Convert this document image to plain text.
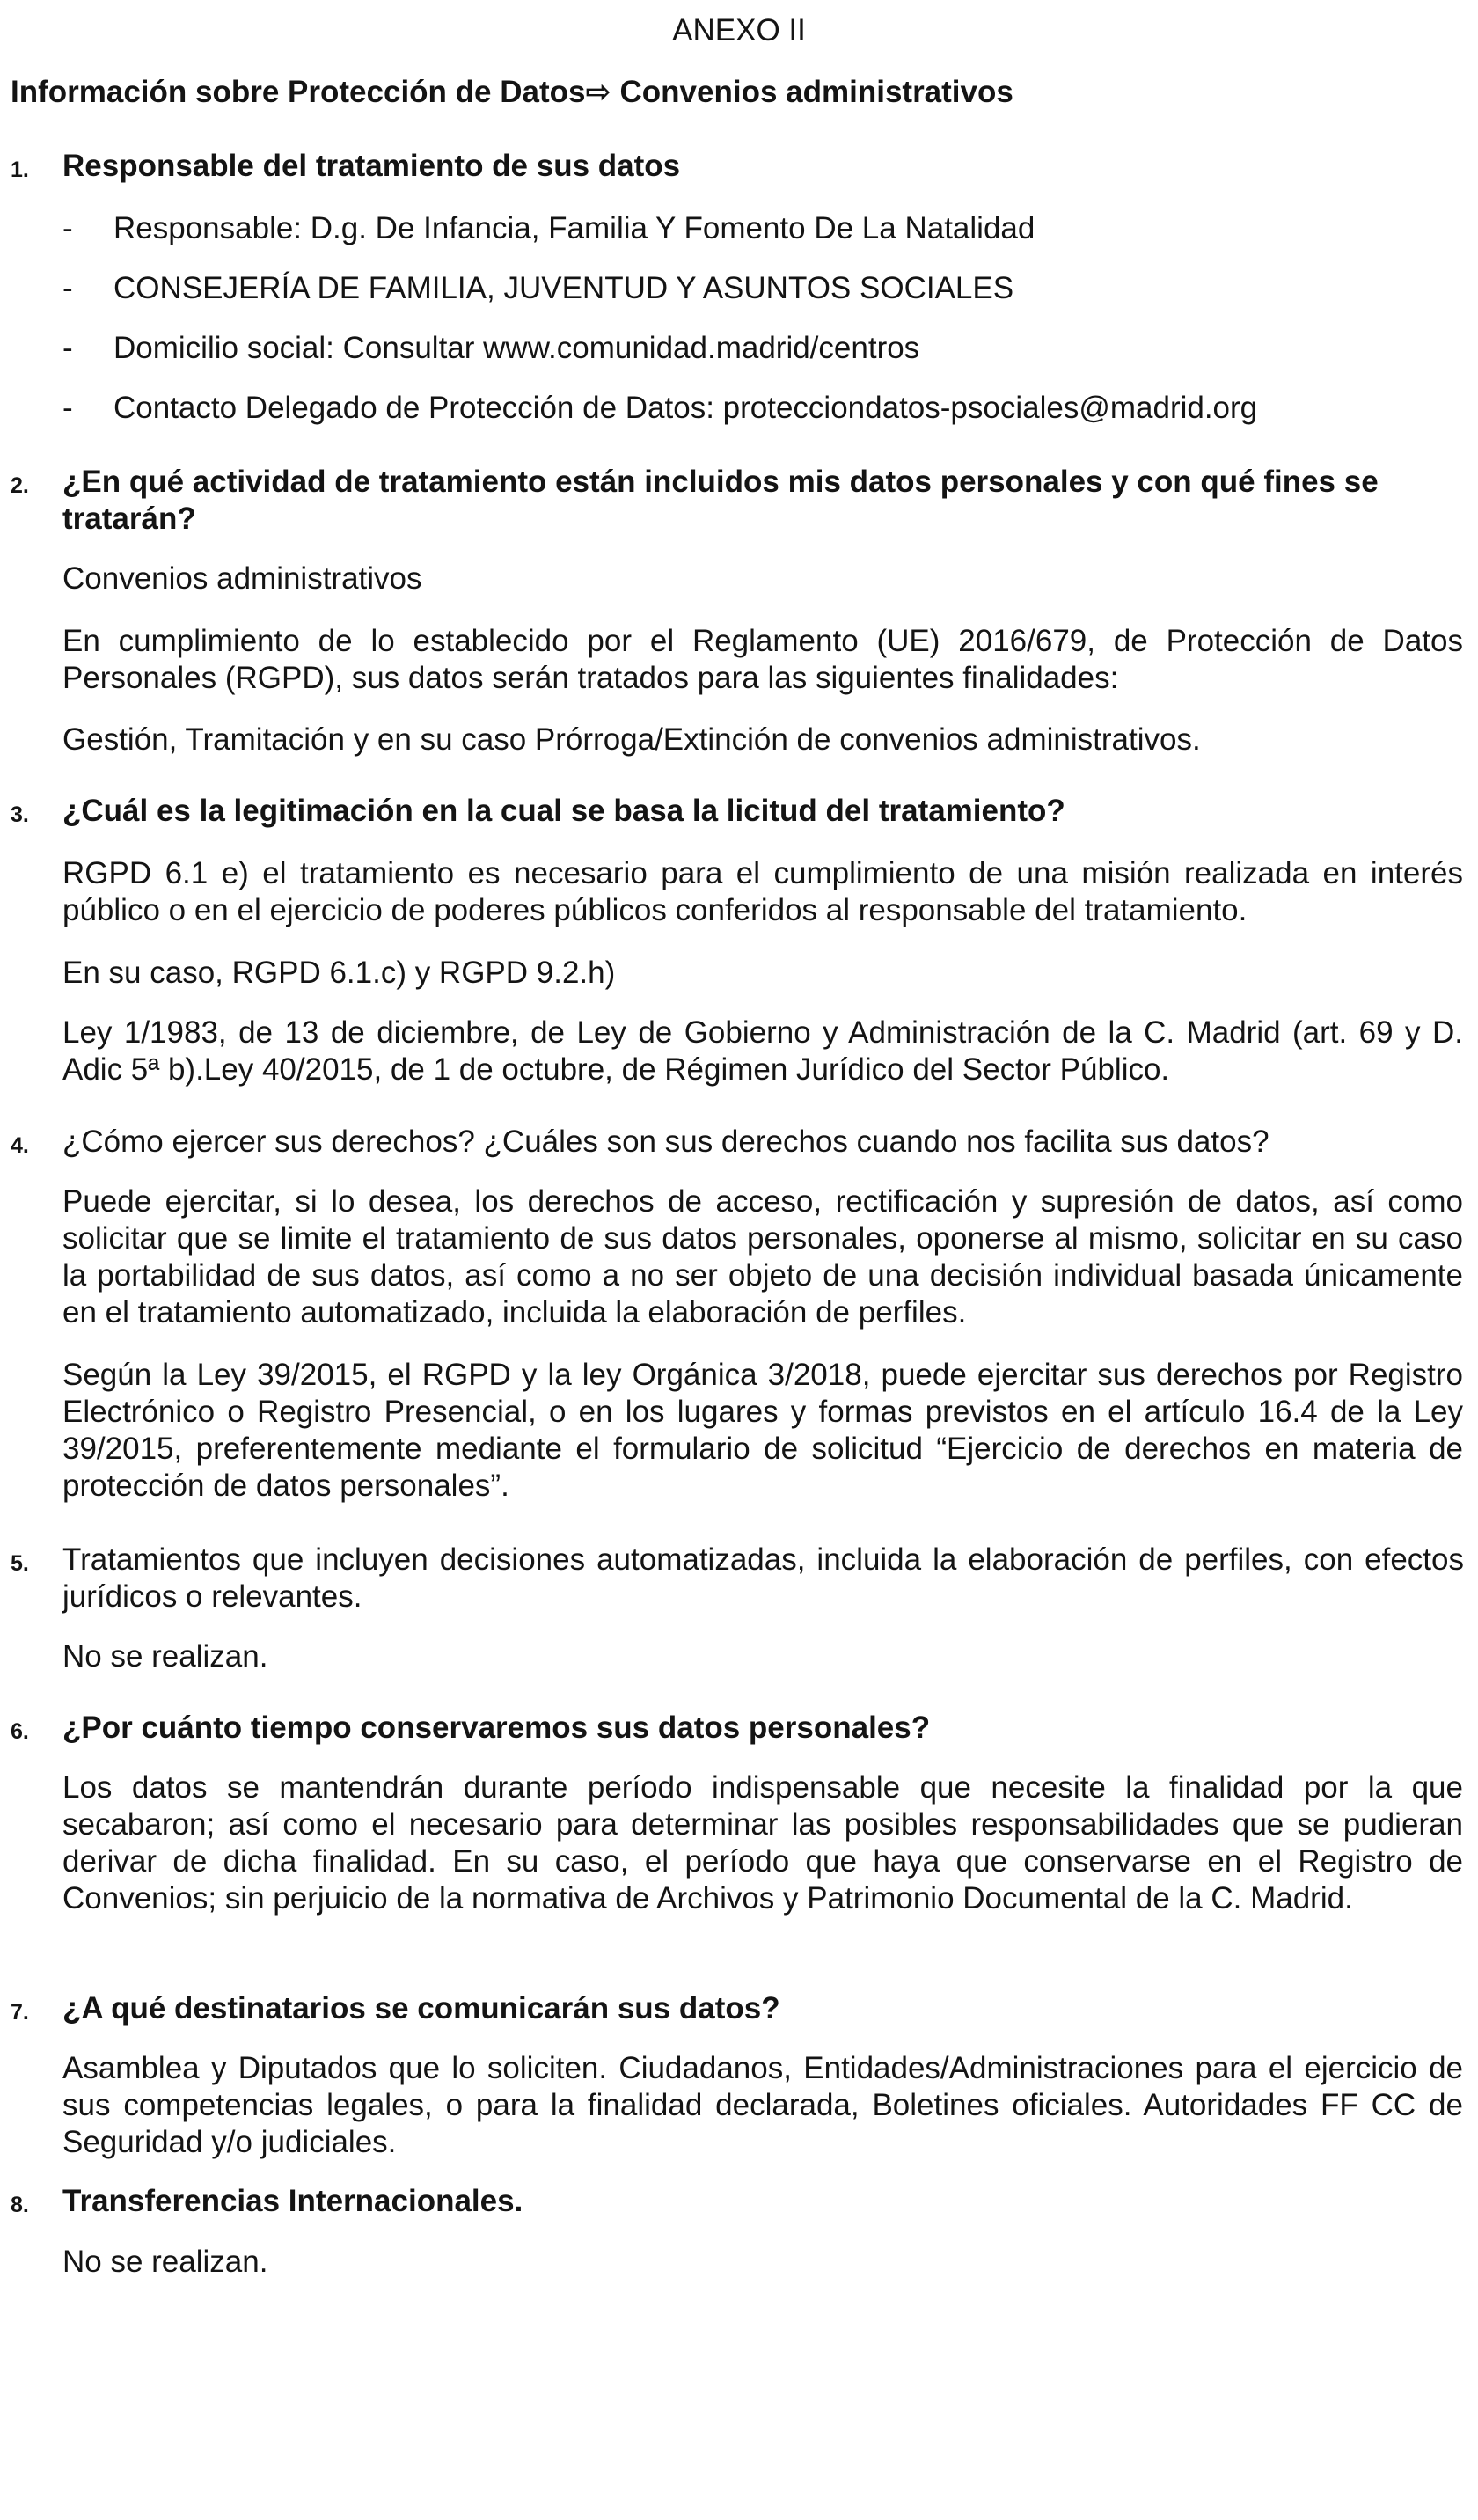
ANEXO II
Información sobre Protección de Datos⇨ Convenios administrativos
1. Responsable del tratamiento de sus datos
- Responsable: D.g. De Infancia, Familia Y Fomento De La Natalidad
- CONSEJERÍA DE FAMILIA, JUVENTUD Y ASUNTOS SOCIALES
- Domicilio social: Consultar www.comunidad.madrid/centros
- Contacto Delegado de Protección de Datos: protecciondatos-psociales@madrid.org
2. ¿En qué actividad de tratamiento están incluidos mis datos personales y con qué fines se tratarán?
Convenios administrativos
En cumplimiento de lo establecido por el Reglamento (UE) 2016/679, de Protección de Datos Personales (RGPD), sus datos serán tratados para las siguientes finalidades:
Gestión, Tramitación y en su caso Prórroga/Extinción de convenios administrativos.
3. ¿Cuál es la legitimación en la cual se basa la licitud del tratamiento?
RGPD 6.1 e) el tratamiento es necesario para el cumplimiento de una misión realizada en interés público o en el ejercicio de poderes públicos conferidos al responsable del tratamiento.
En su caso, RGPD 6.1.c) y RGPD 9.2.h)
Ley 1/1983, de 13 de diciembre, de Ley de Gobierno y Administración de la C. Madrid (art. 69 y D. Adic 5ª b).Ley 40/2015, de 1 de octubre, de Régimen Jurídico del Sector Público.
4. ¿Cómo ejercer sus derechos? ¿Cuáles son sus derechos cuando nos facilita sus datos?
Puede ejercitar, si lo desea, los derechos de acceso, rectificación y supresión de datos, así como solicitar que se limite el tratamiento de sus datos personales, oponerse al mismo, solicitar en su caso la portabilidad de sus datos, así como a no ser objeto de una decisión individual basada únicamente en el tratamiento automatizado, incluida la elaboración de perfiles.
Según la Ley 39/2015, el RGPD y la ley Orgánica 3/2018, puede ejercitar sus derechos por Registro Electrónico o Registro Presencial, o en los lugares y formas previstos en el artículo 16.4 de la Ley 39/2015, preferentemente mediante el formulario de solicitud “Ejercicio de derechos en materia de protección de datos personales”.
5. Tratamientos que incluyen decisiones automatizadas, incluida la elaboración de perfiles, con efectos jurídicos o relevantes.
No se realizan.
6. ¿Por cuánto tiempo conservaremos sus datos personales?
Los datos se mantendrán durante período indispensable que necesite la finalidad por la que secabaron; así como el necesario para determinar las posibles responsabilidades que se pudieran derivar de dicha finalidad. En su caso, el período que haya que conservarse en el Registro de Convenios; sin perjuicio de la normativa de Archivos y Patrimonio Documental de la C. Madrid.
7. ¿A qué destinatarios se comunicarán sus datos?
Asamblea y Diputados que lo soliciten. Ciudadanos, Entidades/Administraciones para el ejercicio de sus competencias legales, o para la finalidad declarada, Boletines oficiales. Autoridades FF CC de Seguridad y/o judiciales.
8. Transferencias Internacionales.
No se realizan.
